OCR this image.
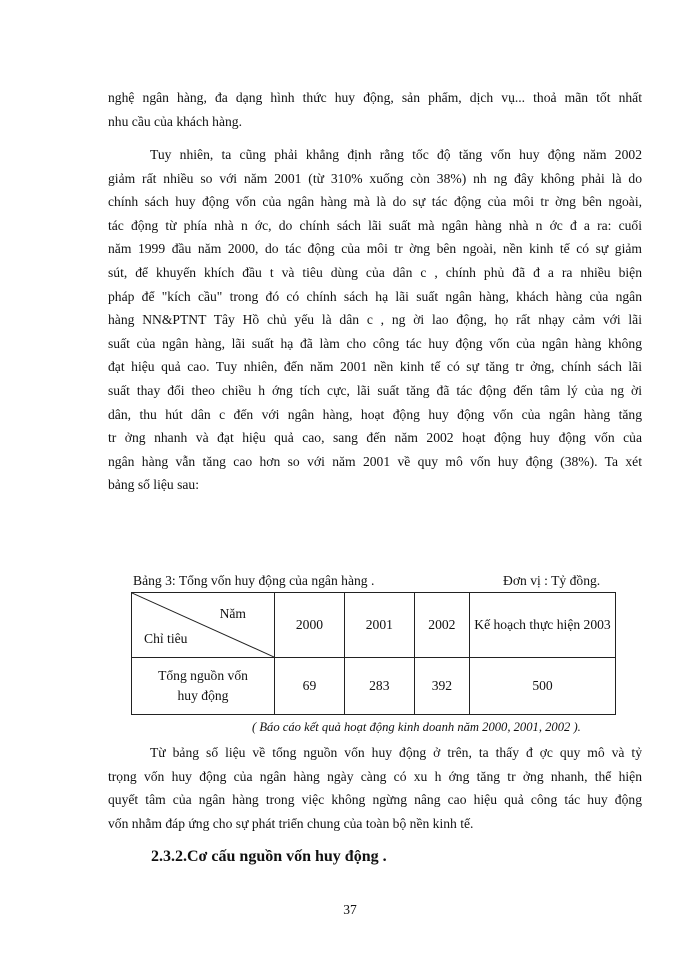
nghệ ngân hàng, đa dạng hình thức huy động, sản phẩm, dịch vụ... thoả mãn tốt nhất
nhu cầu của khách hàng.
Tuy nhiên, ta cũng phải khẳng định rằng tốc độ tăng vốn huy động năm 2002
giảm rất nhiều so với năm 2001 (từ 310% xuống còn 38%) nh ng đây không phải là do
chính sách huy động vốn của ngân hàng mà là do sự tác động của môi tr ờng bên ngoài,
tác động từ phía nhà n ớc, do chính sách lãi suất mà ngân hàng nhà n ớc đ a ra: cuối
năm 1999 đầu năm 2000, do tác động của môi tr ờng bên ngoài, nền kinh tế có sự giảm
sút, để khuyến khích đầu t và tiêu dùng của dân c , chính phủ đã đ a ra nhiều biện
pháp để "kích cầu" trong đó có chính sách hạ lãi suất ngân hàng, khách hàng của ngân
hàng NN&PTNT Tây Hồ chủ yếu là dân c , ng ời lao động, họ rất nhạy cảm với lãi
suất của ngân hàng, lãi suất hạ đã làm cho công tác huy động vốn của ngân hàng không
đạt hiệu quả cao. Tuy nhiên, đến năm 2001 nền kinh tế có sự tăng tr ởng, chính sách lãi
suất thay đổi theo chiều h ớng tích cực, lãi suất tăng đã tác động đến tâm lý của ng ời
dân, thu hút dân c đến với ngân hàng, hoạt động huy động vốn của ngân hàng tăng
tr ởng nhanh và đạt hiệu quả cao, sang đến năm 2002 hoạt động huy động vốn của
ngân hàng vẫn tăng cao hơn so với năm 2001 về quy mô vốn huy động (38%). Ta xét
bảng số liệu sau:
Bảng 3: Tổng vốn huy động của ngân hàng .	Đơn vị : Tỷ đồng.
Năm
Chỉ tiêu	2000	2001	2002	Kế hoạch thực hiện 2003
Tổng nguồn vốn huy động	69	283	392	500
( Báo cáo kết quả hoạt động kinh doanh năm 2000, 2001, 2002 ).
Từ bảng số liệu về tổng nguồn vốn huy động ở trên, ta thấy đ ợc quy mô và tỷ
trọng vốn huy động của ngân hàng ngày càng có xu h ớng tăng tr ởng nhanh, thể hiện
quyết tâm của ngân hàng trong việc không ngừng nâng cao hiệu quả công tác huy động
vốn nhằm đáp ứng cho sự phát triển chung của toàn bộ nền kinh tế.
2.3.2.Cơ cấu nguồn vốn huy động .
37
